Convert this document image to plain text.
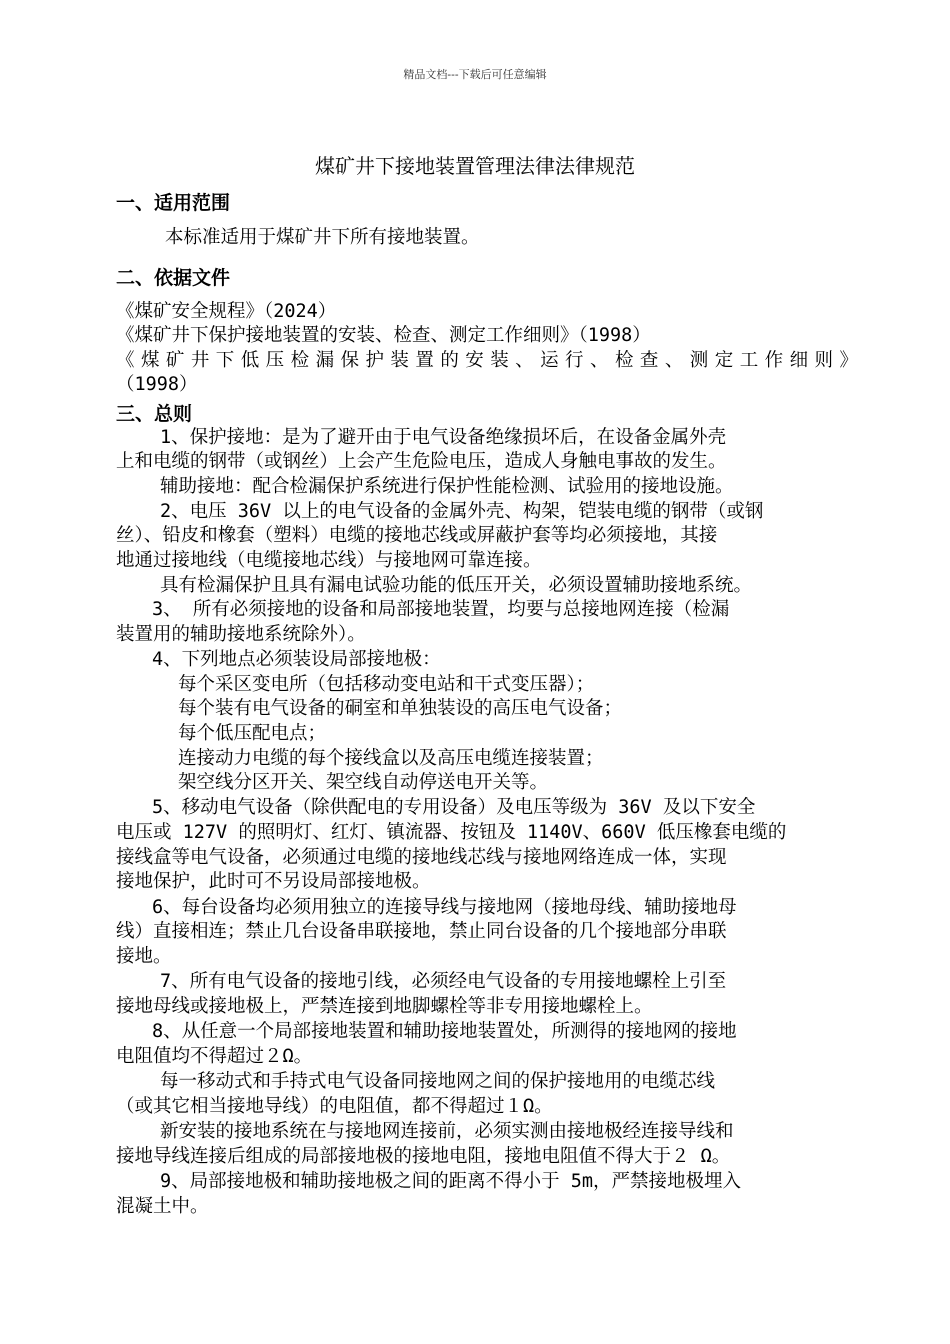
精品文档---下载后可任意编辑
煤矿井下接地装置管理法律法律规范
一、适用范围
本标准适用于煤矿井下所有接地装置。
二、依据文件
《煤矿安全规程》（2024）
《煤矿井下保护接地装置的安装、检查、测定工作细则》（1998）
《煤矿井下低压检漏保护装置的安装、运行、检查、测定工作细则》
（1998）
三、总则
1、保护接地：是为了避开由于电气设备绝缘损坏后，在设备金属外壳
上和电缆的钢带（或钢丝）上会产生危险电压，造成人身触电事故的发生。
辅助接地：配合检漏保护系统进行保护性能检测、试验用的接地设施。
2、电压 36V 以上的电气设备的金属外壳、构架，铠装电缆的钢带（或钢
丝）、铅皮和橡套（塑料）电缆的接地芯线或屏蔽护套等均必须接地，其接
地通过接地线（电缆接地芯线）与接地网可靠连接。
具有检漏保护且具有漏电试验功能的低压开关，必须设置辅助接地系统。
3、 所有必须接地的设备和局部接地装置，均要与总接地网连接（检漏
装置用的辅助接地系统除外）。
4、下列地点必须装设局部接地极：
每个采区变电所（包括移动变电站和干式变压器）；
每个装有电气设备的硐室和单独装设的高压电气设备；
每个低压配电点；
连接动力电缆的每个接线盒以及高压电缆连接装置；
架空线分区开关、架空线自动停送电开关等。
5、移动电气设备（除供配电的专用设备）及电压等级为 36V 及以下安全
电压或 127V 的照明灯、红灯、镇流器、按钮及 1140V、660V 低压橡套电缆的
接线盒等电气设备，必须通过电缆的接地线芯线与接地网络连成一体，实现
接地保护，此时可不另设局部接地极。
6、每台设备均必须用独立的连接导线与接地网（接地母线、辅助接地母
线）直接相连；禁止几台设备串联接地，禁止同台设备的几个接地部分串联
接地。
7、所有电气设备的接地引线，必须经电气设备的专用接地螺栓上引至
接地母线或接地极上，严禁连接到地脚螺栓等非专用接地螺栓上。
8、从任意一个局部接地装置和辅助接地装置处，所测得的接地网的接地
电阻值均不得超过２Ω。
每一移动式和手持式电气设备同接地网之间的保护接地用的电缆芯线
（或其它相当接地导线）的电阻值，都不得超过１Ω。
新安装的接地系统在与接地网连接前，必须实测由接地极经连接导线和
接地导线连接后组成的局部接地极的接地电阻，接地电阻值不得大于２ Ω。
9、局部接地极和辅助接地极之间的距离不得小于 5m，严禁接地极埋入
混凝土中。
